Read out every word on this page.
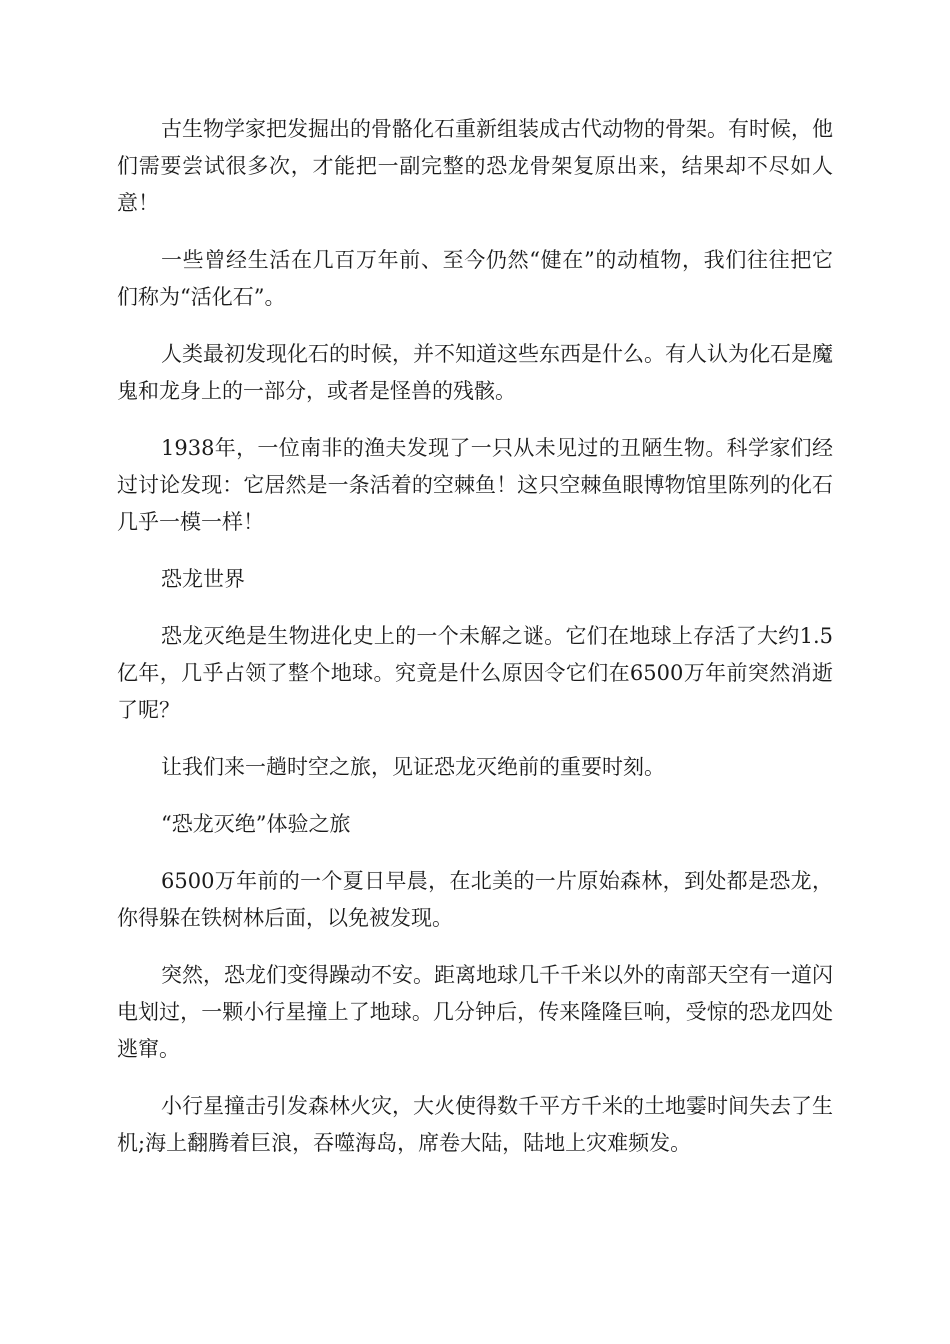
古生物学家把发掘出的骨骼化石重新组装成古代动物的骨架。有时候，他们需要尝试很多次，才能把一副完整的恐龙骨架复原出来，结果却不尽如人意！

一些曾经生活在几百万年前、至今仍然“健在”的动植物，我们往往把它们称为“活化石”。

人类最初发现化石的时候，并不知道这些东西是什么。有人认为化石是魔鬼和龙身上的一部分，或者是怪兽的残骸。

1938年，一位南非的渔夫发现了一只从未见过的丑陋生物。科学家们经过讨论发现：它居然是一条活着的空棘鱼！这只空棘鱼眼博物馆里陈列的化石几乎一模一样！

恐龙世界

恐龙灭绝是生物进化史上的一个未解之谜。它们在地球上存活了大约1.5亿年，几乎占领了整个地球。究竟是什么原因令它们在6500万年前突然消逝了呢？

让我们来一趟时空之旅，见证恐龙灭绝前的重要时刻。

“恐龙灭绝”体验之旅

6500万年前的一个夏日早晨，在北美的一片原始森林，到处都是恐龙，你得躲在铁树林后面，以免被发现。

突然，恐龙们变得躁动不安。距离地球几千千米以外的南部天空有一道闪电划过，一颗小行星撞上了地球。几分钟后，传来隆隆巨响，受惊的恐龙四处逃窜。

小行星撞击引发森林火灾，大火使得数千平方千米的土地霎时间失去了生机;海上翻腾着巨浪，吞噬海岛，席卷大陆，陆地上灾难频发。
